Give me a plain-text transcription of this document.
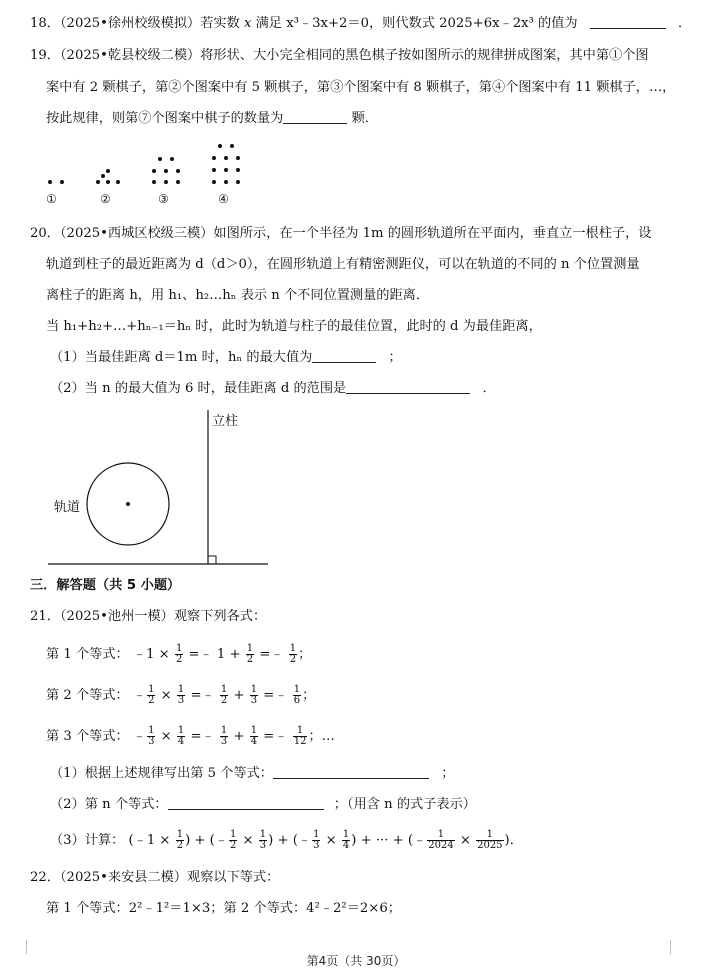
18．（2025•徐州校级模拟）若实数 x 满足 x³﹣3x+2＝0，则代数式 2025+6x﹣2x³ 的值为	．
19．（2025•乾县校级二模）将形状、大小完全相同的黑色棋子按如图所示的规律拼成图案，其中第①个图
案中有 2 颗棋子，第②个图案中有 5 颗棋子，第③个图案中有 8 颗棋子，第④个图案中有 11 颗棋子，…，
按此规律，则第⑦个图案中棋子的数量为	颗．
①	②	③	④
20．（2025•西城区校级三模）如图所示，在一个半径为 1m 的圆形轨道所在平面内，垂直立一根柱子，设
轨道到柱子的最近距离为 d（d＞0），在圆形轨道上有精密测距仪，可以在轨道的不同的 n 个位置测量
离柱子的距离 h，用 h₁、h₂…hₙ 表示 n 个不同位置测量的距离．
当 h₁+h₂+…+hₙ₋₁＝hₙ 时，此时为轨道与柱子的最佳位置，此时的 d 为最佳距离，
（1）当最佳距离 d＝1m 时，hₙ 的最大值为	；
（2）当 n 的最大值为 6 时，最佳距离 d 的范围是	．
立柱
轨道
三．解答题（共 5 小题）
21．（2025•池州一模）观察下列各式：
第 1 个等式： ﹣1 × $\frac{1}{2}$ =﹣ $1 + \frac{1}{2}$ =﹣ $\frac{1}{2}$ ；
第 2 个等式： ﹣ $\frac{1}{2} \times \frac{1}{3}$ =﹣ $\frac{1}{2} + \frac{1}{3}$ =﹣ $\frac{1}{6}$ ；
第 3 个等式： ﹣ $\frac{1}{3} \times \frac{1}{4}$ =﹣ $\frac{1}{3} + \frac{1}{4}$ =﹣ $\frac{1}{12}$ ；…
（1）根据上述规律写出第 5 个等式：	；
（2）第 n 个等式：	；（用含 n 的式子表示）
（3）计算： (﹣1 × $\frac{1}{2}$ ) + (﹣ $\frac{1}{2} \times \frac{1}{3}$ ) + (﹣ $\frac{1}{3} \times \frac{1}{4}$ ) + ··· + (﹣ $\frac{1}{2024} \times \frac{1}{2025}$ )．
22．（2025•来安县二模）观察以下等式：
第 1 个等式：2²﹣1²＝1×3；第 2 个等式：4²﹣2²＝2×6；
第4页（共 30页）
